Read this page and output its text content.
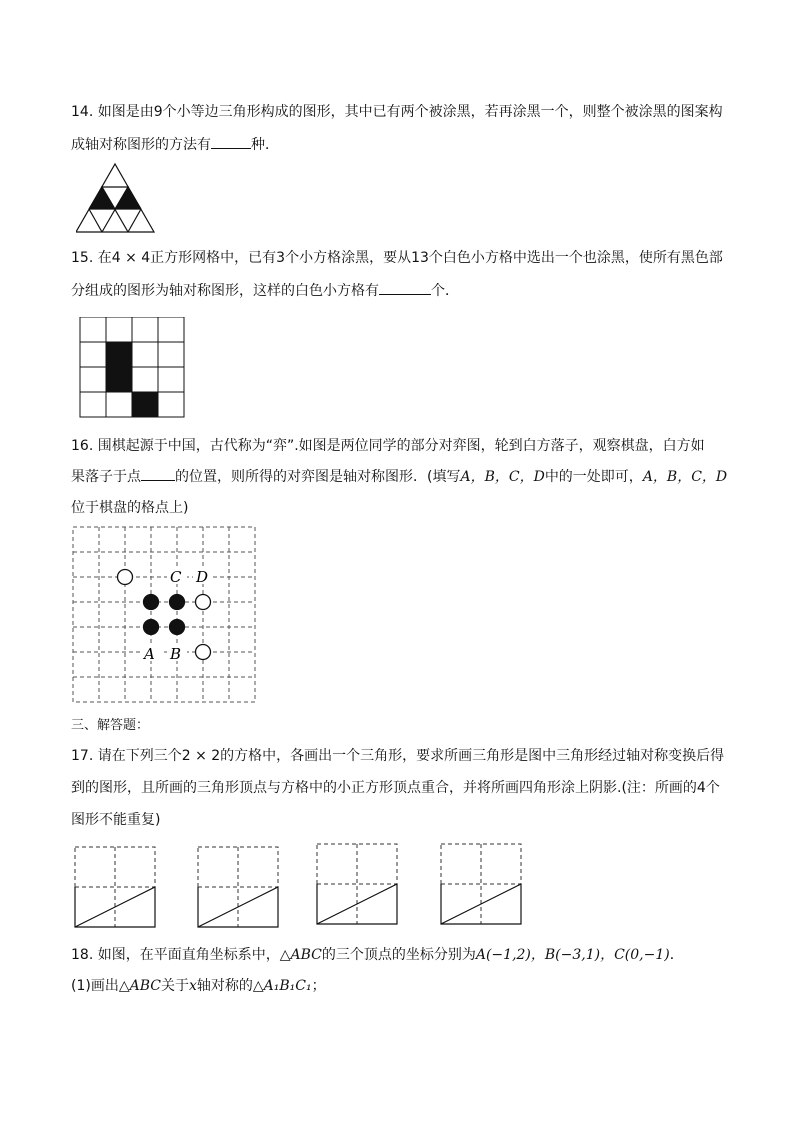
14. 如图是由9个小等边三角形构成的图形，其中已有两个被涂黑，若再涂黑一个，则整个被涂黑的图案构
成轴对称图形的方法有	种．
15. 在4 × 4正方形网格中，已有3个小方格涂黑，要从13个白色小方格中选出一个也涂黑，使所有黑色部
分组成的图形为轴对称图形，这样的白色小方格有	个．
16. 围棋起源于中国，古代称为“弈”.如图是两位同学的部分对弈图，轮到白方落子，观察棋盘，白方如
果落子于点 的位置，则所得的对弈图是轴对称图形．(填写A，B，C，D中的一处即可，A，B，C，D
位于棋盘的格点上)
C D
A B
三、解答题：
17. 请在下列三个2 × 2的方格中，各画出一个三角形，要求所画三角形是图中三角形经过轴对称变换后得
到的图形，且所画的三角形顶点与方格中的小正方形顶点重合，并将所画四角形涂上阴影.(注：所画的4个
图形不能重复)
18. 如图，在平面直角坐标系中，△ABC的三个顶点的坐标分别为A(−1,2)，B(−3,1)，C(0,−1)．
(1)画出△ABC关于x轴对称的△A₁B₁C₁；
